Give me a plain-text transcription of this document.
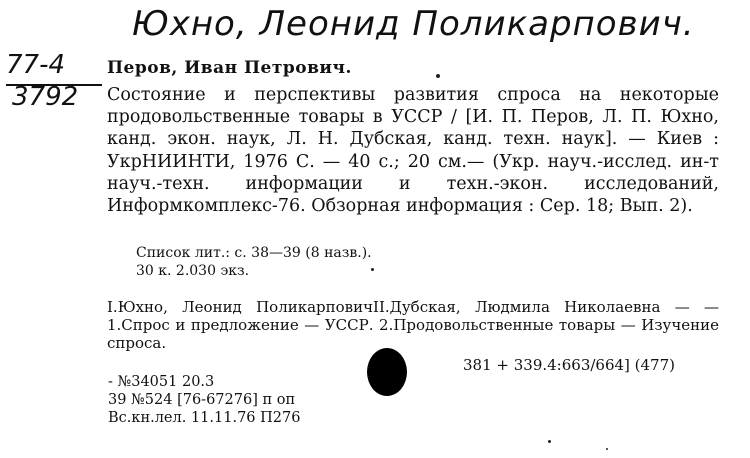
Юхно, Леонид Поликарпович.
77-4
3792
Перов, Иван Петрович.
Состояние и перспективы развития спроса на некоторые продовольственные товары в УССР / [И. П. Перов, Л. П. Юхно, канд. экон. наук, Л. Н. Дубская, канд. техн. наук]. — Киев : УкрНИИНТИ, 1976 С. — 40 с.; 20 см.— (Укр. науч.-исслед. ин-т науч.-техн. информации и техн.-экон. исследований, Информкомплекс-76. Обзорная информация : Сер. 18; Вып. 2).
Список лит.: с. 38—39 (8 назв.).
30 к. 2.030 экз.
I.Юхно, Леонид ПоликарповичII.Дубская, Людмила Николаевна — —1.Спрос и предложение — УССР. 2.Продовольственные товары — Изучение спроса.
381 + 339.4:663/664] (477)
- №34051 20.3
39 №524 [76-67276] п оп
Вс.кн.лел. 11.11.76 П276
